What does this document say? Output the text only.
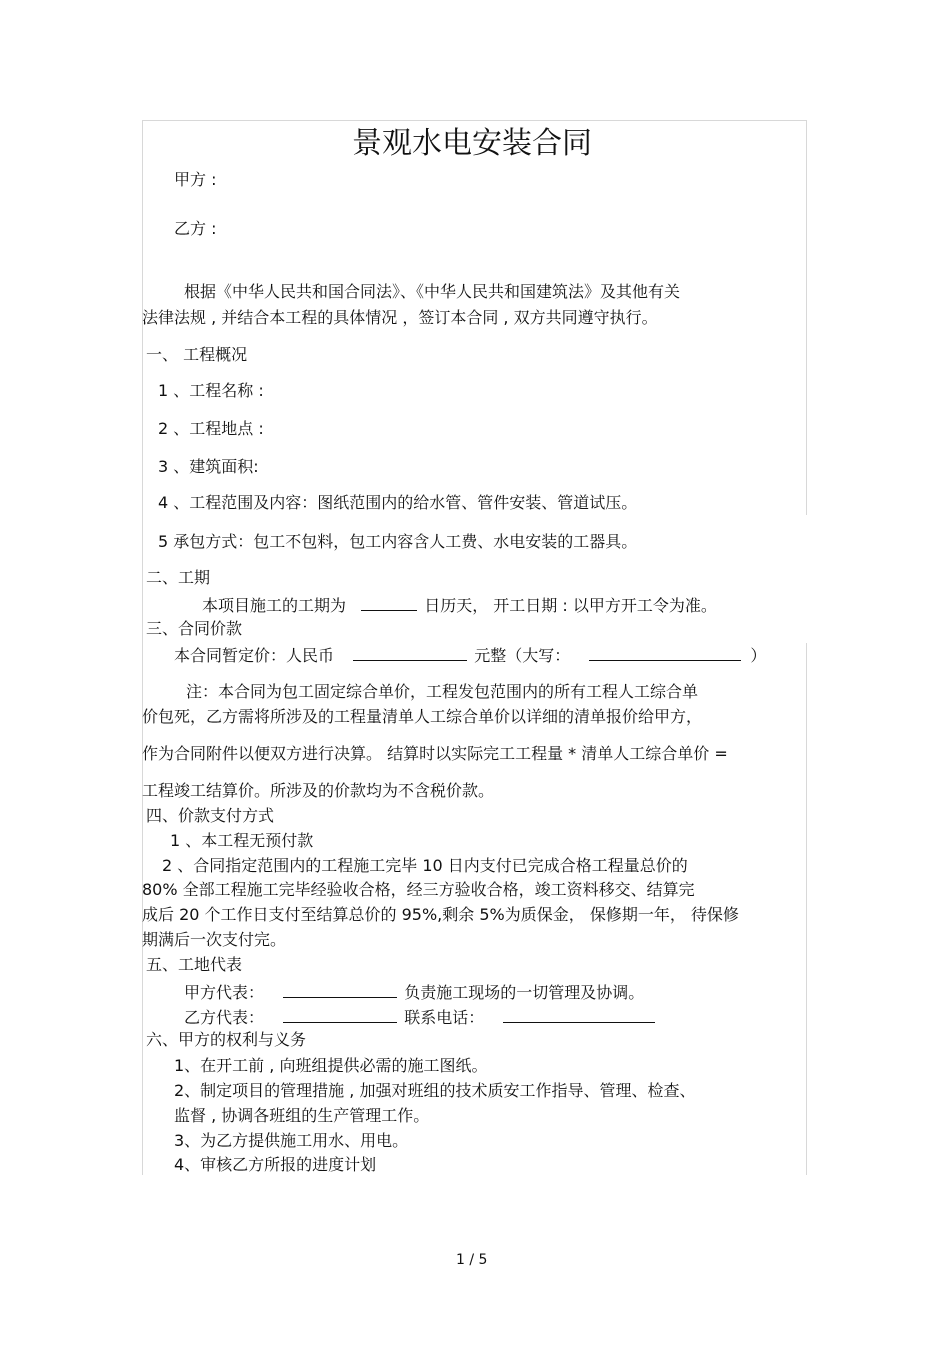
景观水电安装合同
甲方 :
乙方 :
根据《中华人民共和国合同法》、《中华人民共和国建筑法》及其他有关
法律法规 , 并结合本工程的具体情况 ，签订本合同 , 双方共同遵守执行。
一、 工程概况
1 、工程名称 :
2 、工程地点 :
3 、建筑面积:
4 、工程范围及内容：图纸范围内的给水管、管件安装、管道试压。
5 承包方式：包工不包料，包工内容含人工费、水电安装的工器具。
二、工期
本项目施工的工期为	日历天， 开工日期 : 以甲方开工令为准。
三、合同价款
本合同暂定价：人民币	元整（大写：	）
注：本合同为包工固定综合单价，工程发包范围内的所有工程人工综合单
价包死，乙方需将所涉及的工程量清单人工综合单价以详细的清单报价给甲方，
作为合同附件以便双方进行决算。 结算时以实际完工工程量 * 清单人工综合单价 =
工程竣工结算价。所涉及的价款均为不含税价款。
四、价款支付方式
1 、本工程无预付款
2 、合同指定范围内的工程施工完毕 10 日内支付已完成合格工程量总价的
80% 全部工程施工完毕经验收合格，经三方验收合格，竣工资料移交、结算完
成后 20 个工作日支付至结算总价的 95%,剩余 5%为质保金， 保修期一年， 待保修
期满后一次支付完。
五、工地代表
甲方代表：	负责施工现场的一切管理及协调。
乙方代表：	联系电话：
六、甲方的权利与义务
1、在开工前 , 向班组提供必需的施工图纸。
2、制定项目的管理措施 , 加强对班组的技术质安工作指导、管理、检查、
监督 , 协调各班组的生产管理工作。
3、为乙方提供施工用水、用电。
4、审核乙方所报的进度计划
1 / 5
